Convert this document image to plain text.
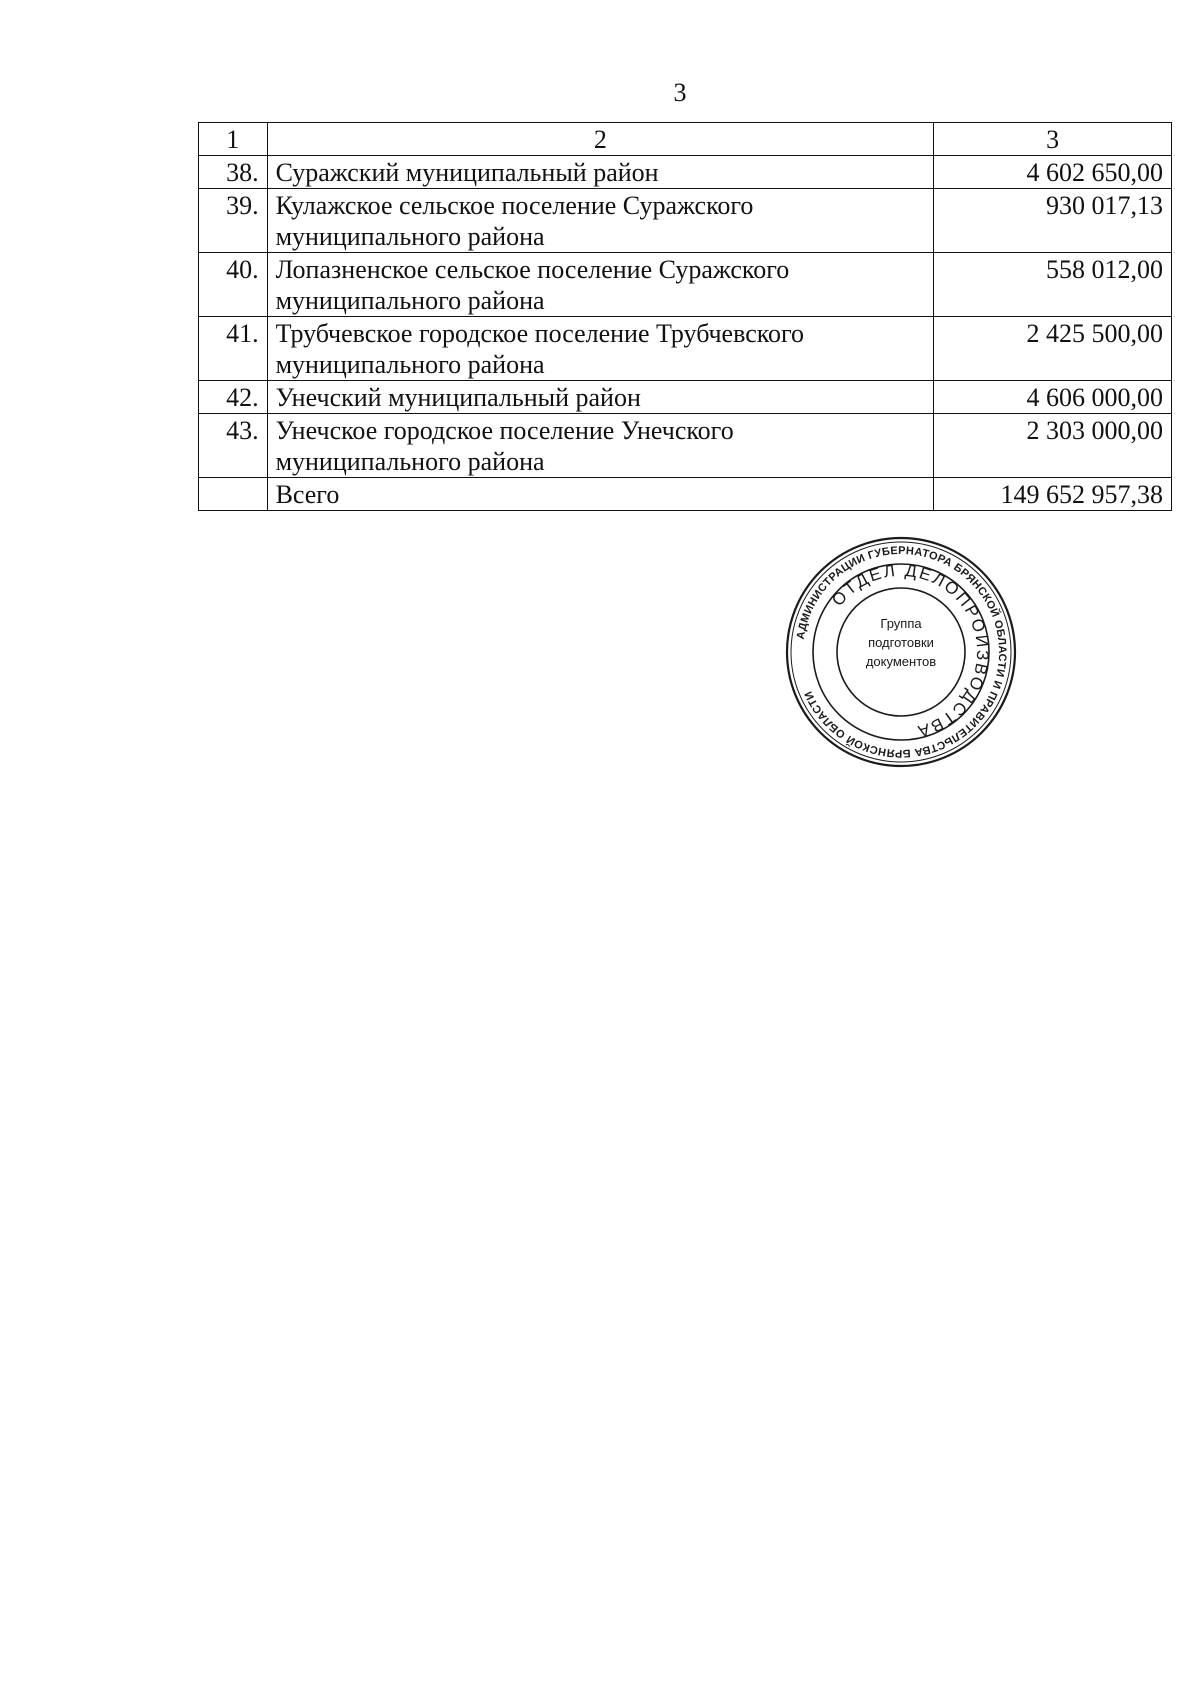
3
1	2	3
38.	Суражский муниципальный район	4 602 650,00
39.	Кулажское сельское поселение Суражского муниципального района	930 017,13
40.	Лопазненское сельское поселение Суражского муниципального района	558 012,00
41.	Трубчевское городское поселение Трубчевского муниципального района	2 425 500,00
42.	Унечский муниципальный район	4 606 000,00
43.	Унечское городское поселение Унечского муниципального района	2 303 000,00
	Всего	149 652 957,38
АДМИНИСТРАЦИИ ГУБЕРНАТОРА БРЯНСКОЙ ОБЛАСТИ И ПРАВИТЕЛЬСТВА БРЯНСКОЙ ОБЛАСТИ
ОТДЕЛ ДЕЛОПРОИЗВОДСТВА
Группа
подготовки
документов
